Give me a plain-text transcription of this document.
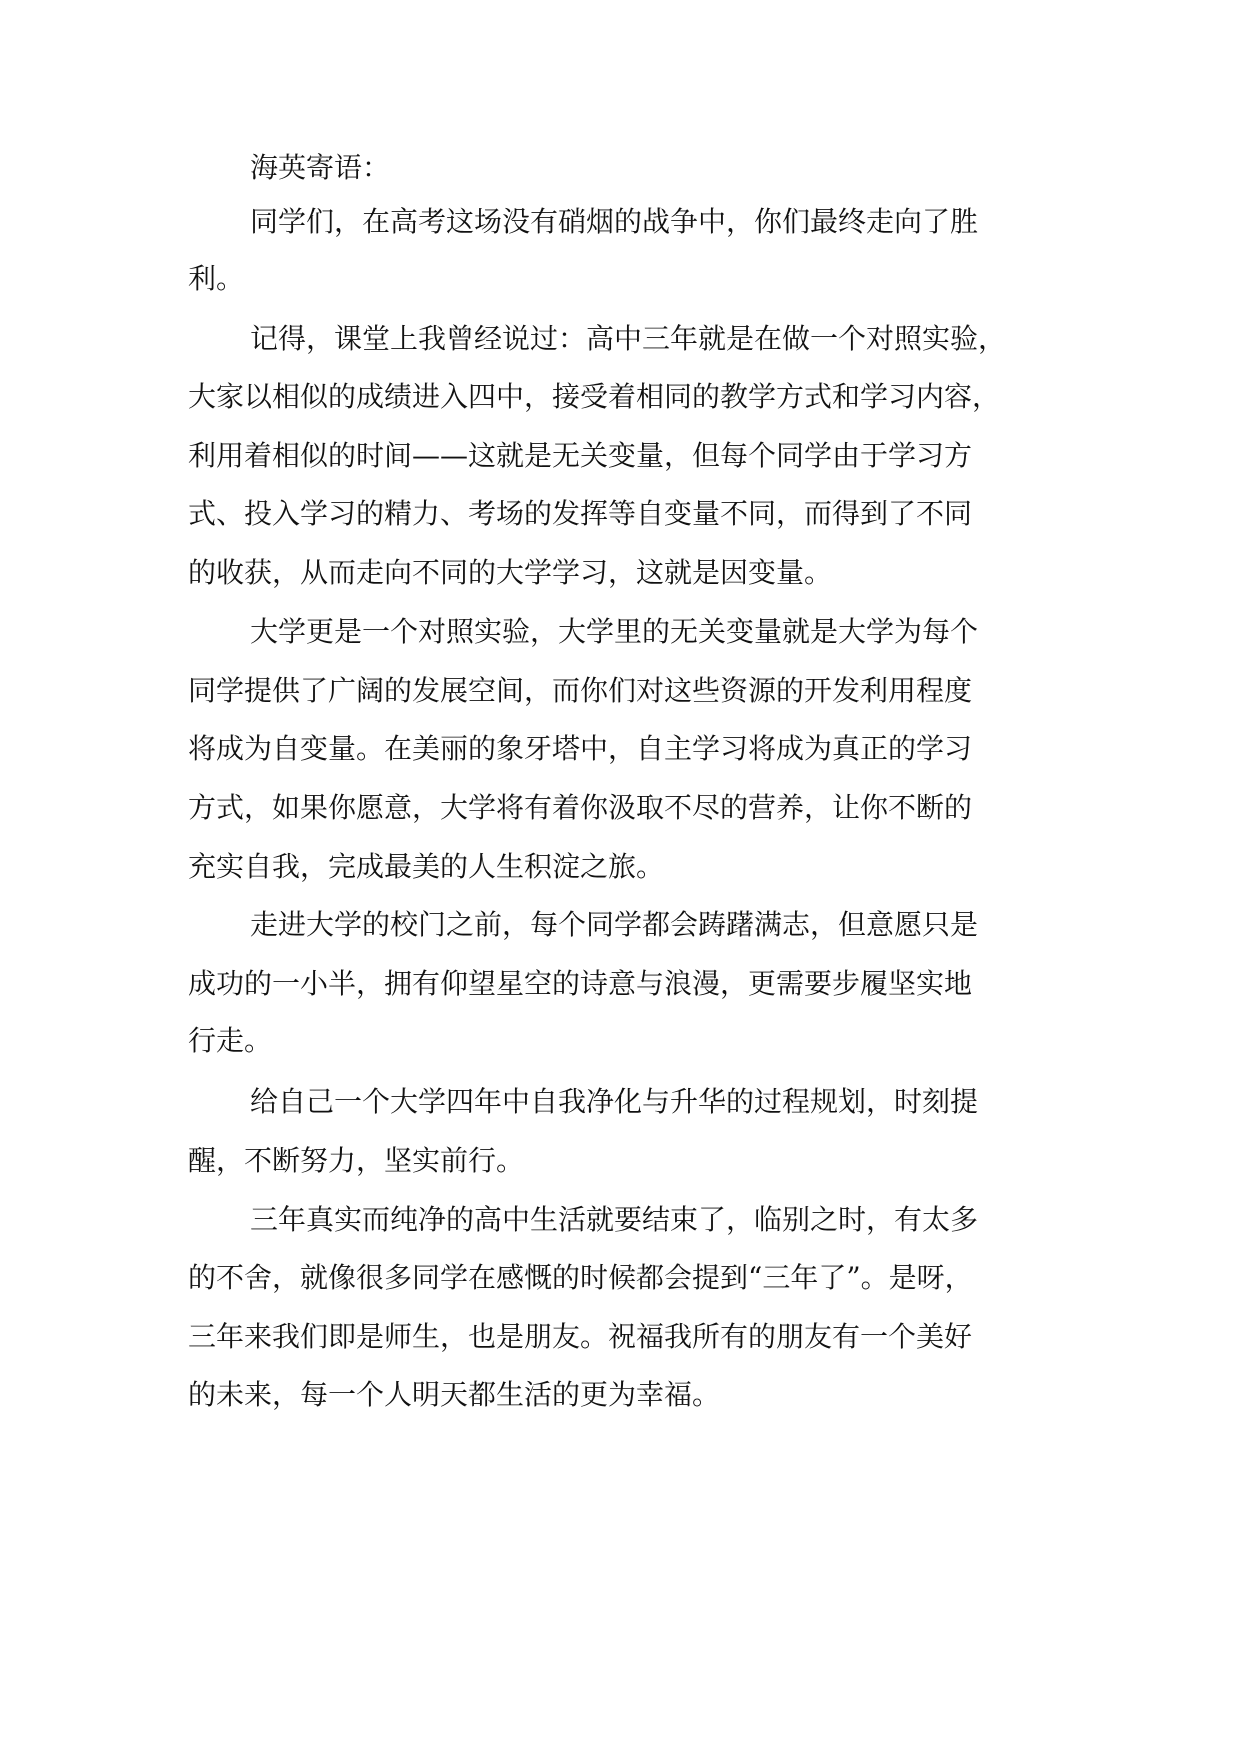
海英寄语：

同学们，在高考这场没有硝烟的战争中，你们最终走向了胜

利。

记得，课堂上我曾经说过：高中三年就是在做一个对照实验，

大家以相似的成绩进入四中，接受着相同的教学方式和学习内容，

利用着相似的时间——这就是无关变量，但每个同学由于学习方

式、投入学习的精力、考场的发挥等自变量不同，而得到了不同

的收获，从而走向不同的大学学习，这就是因变量。

大学更是一个对照实验，大学里的无关变量就是大学为每个

同学提供了广阔的发展空间，而你们对这些资源的开发利用程度

将成为自变量。在美丽的象牙塔中，自主学习将成为真正的学习

方式，如果你愿意，大学将有着你汲取不尽的营养，让你不断的

充实自我，完成最美的人生积淀之旅。

走进大学的校门之前，每个同学都会踌躇满志，但意愿只是

成功的一小半，拥有仰望星空的诗意与浪漫，更需要步履坚实地

行走。

给自己一个大学四年中自我净化与升华的过程规划，时刻提

醒，不断努力，坚实前行。

三年真实而纯净的高中生活就要结束了，临别之时，有太多

的不舍，就像很多同学在感慨的时候都会提到“三年了”。是呀，

三年来我们即是师生，也是朋友。祝福我所有的朋友有一个美好

的未来，每一个人明天都生活的更为幸福。
